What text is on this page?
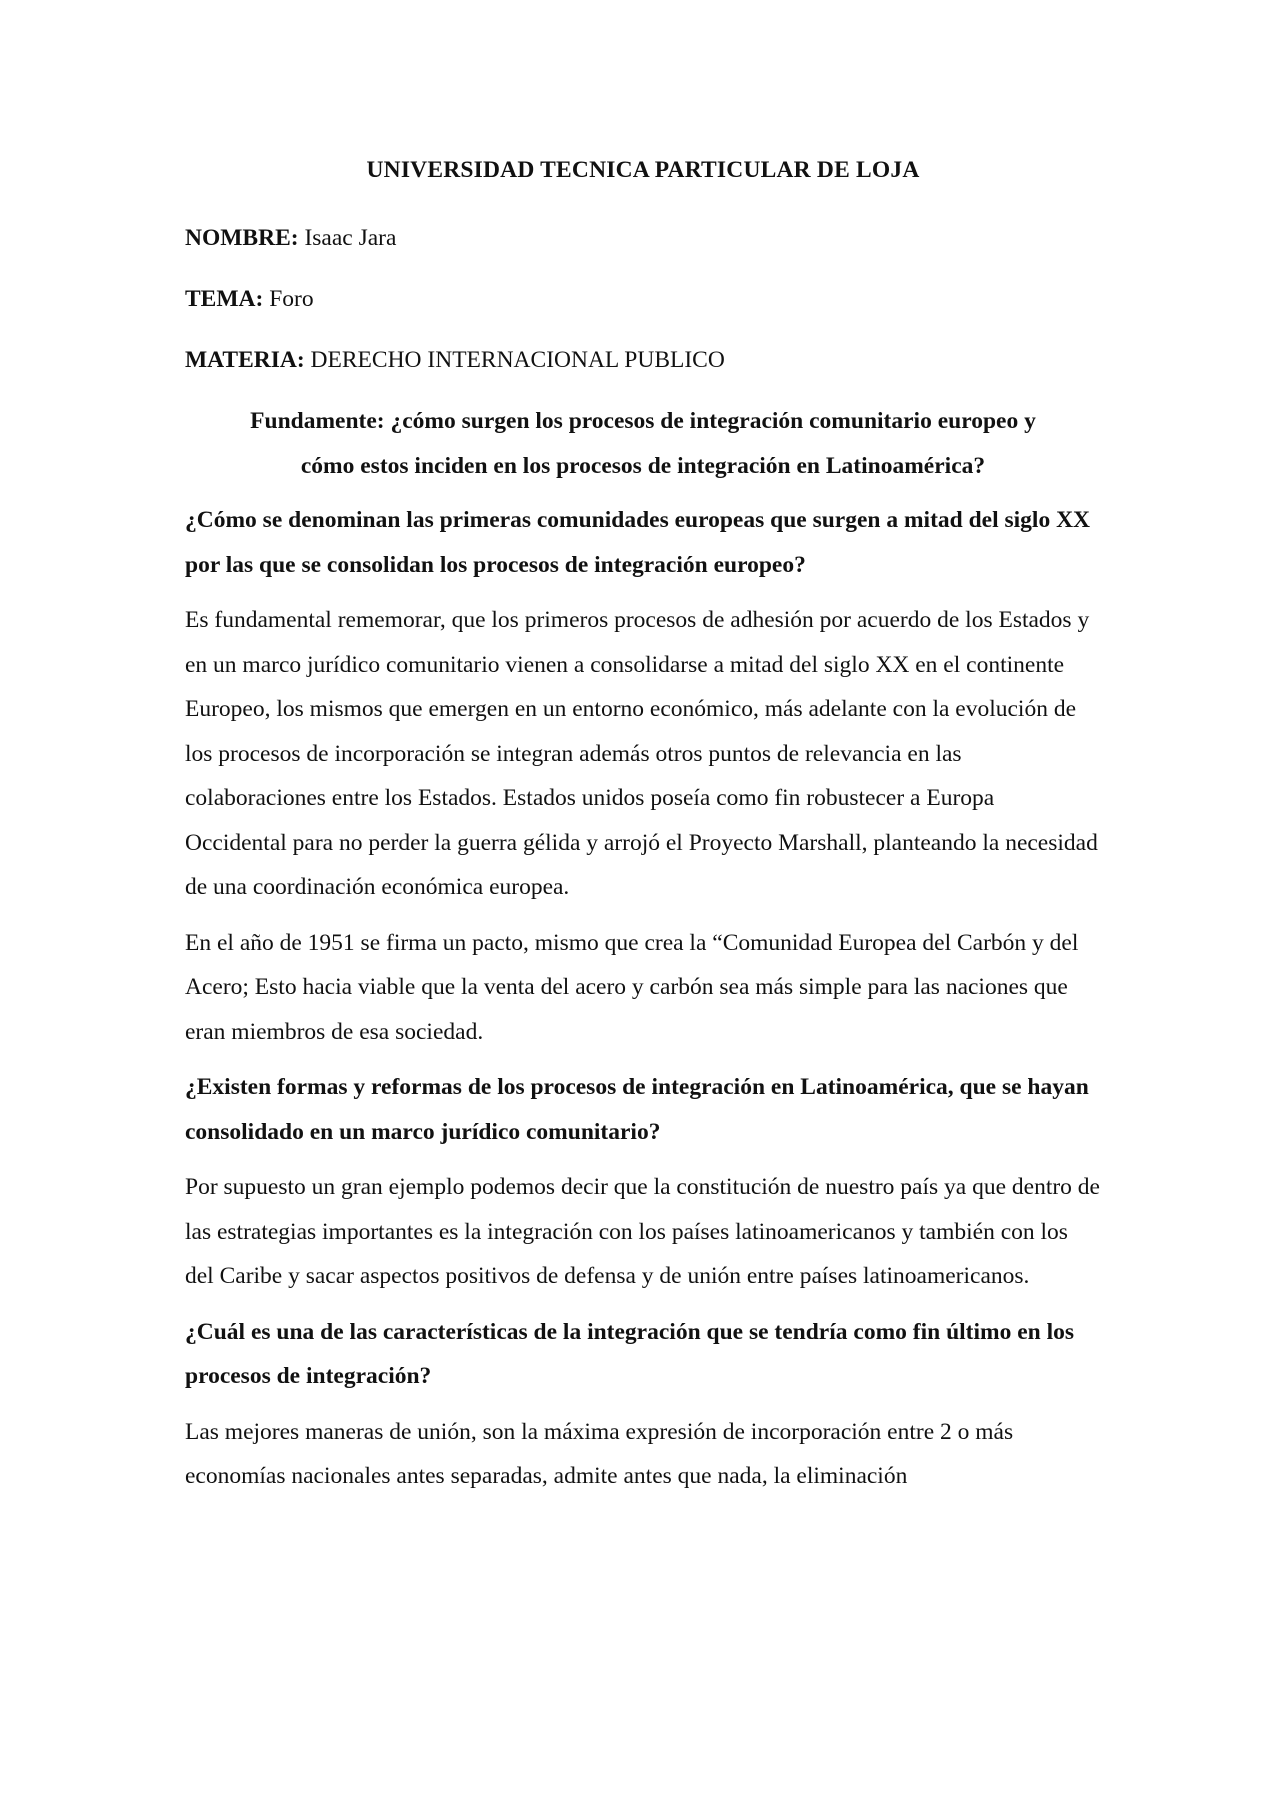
UNIVERSIDAD TECNICA PARTICULAR DE LOJA
NOMBRE: Isaac Jara
TEMA: Foro
MATERIA: DERECHO INTERNACIONAL PUBLICO
Fundamente: ¿cómo surgen los procesos de integración comunitario europeo y
cómo estos inciden en los procesos de integración en Latinoamérica?
¿Cómo se denominan las primeras comunidades europeas que surgen a mitad del siglo XX por las que se consolidan los procesos de integración europeo?
Es fundamental rememorar, que los primeros procesos de adhesión por acuerdo de los Estados y en un marco jurídico comunitario vienen a consolidarse a mitad del siglo XX en el continente Europeo, los mismos que emergen en un entorno económico, más adelante con la evolución de los procesos de incorporación se integran además otros puntos de relevancia en las colaboraciones entre los Estados. Estados unidos poseía como fin robustecer a Europa Occidental para no perder la guerra gélida y arrojó el Proyecto Marshall, planteando la necesidad de una coordinación económica europea.
En el año de 1951 se firma un pacto, mismo que crea la “Comunidad Europea del Carbón y del Acero; Esto hacia viable que la venta del acero y carbón sea más simple para las naciones que eran miembros de esa sociedad.
¿Existen formas y reformas de los procesos de integración en Latinoamérica, que se hayan consolidado en un marco jurídico comunitario?
Por supuesto un gran ejemplo podemos decir que la constitución de nuestro país ya que dentro de las estrategias importantes es la integración con los países latinoamericanos y también con los del Caribe y sacar aspectos positivos de defensa y de unión entre países latinoamericanos.
¿Cuál es una de las características de la integración que se tendría como fin último en los procesos de integración?
Las mejores maneras de unión, son la máxima expresión de incorporación entre 2 o más economías nacionales antes separadas, admite antes que nada, la eliminación
